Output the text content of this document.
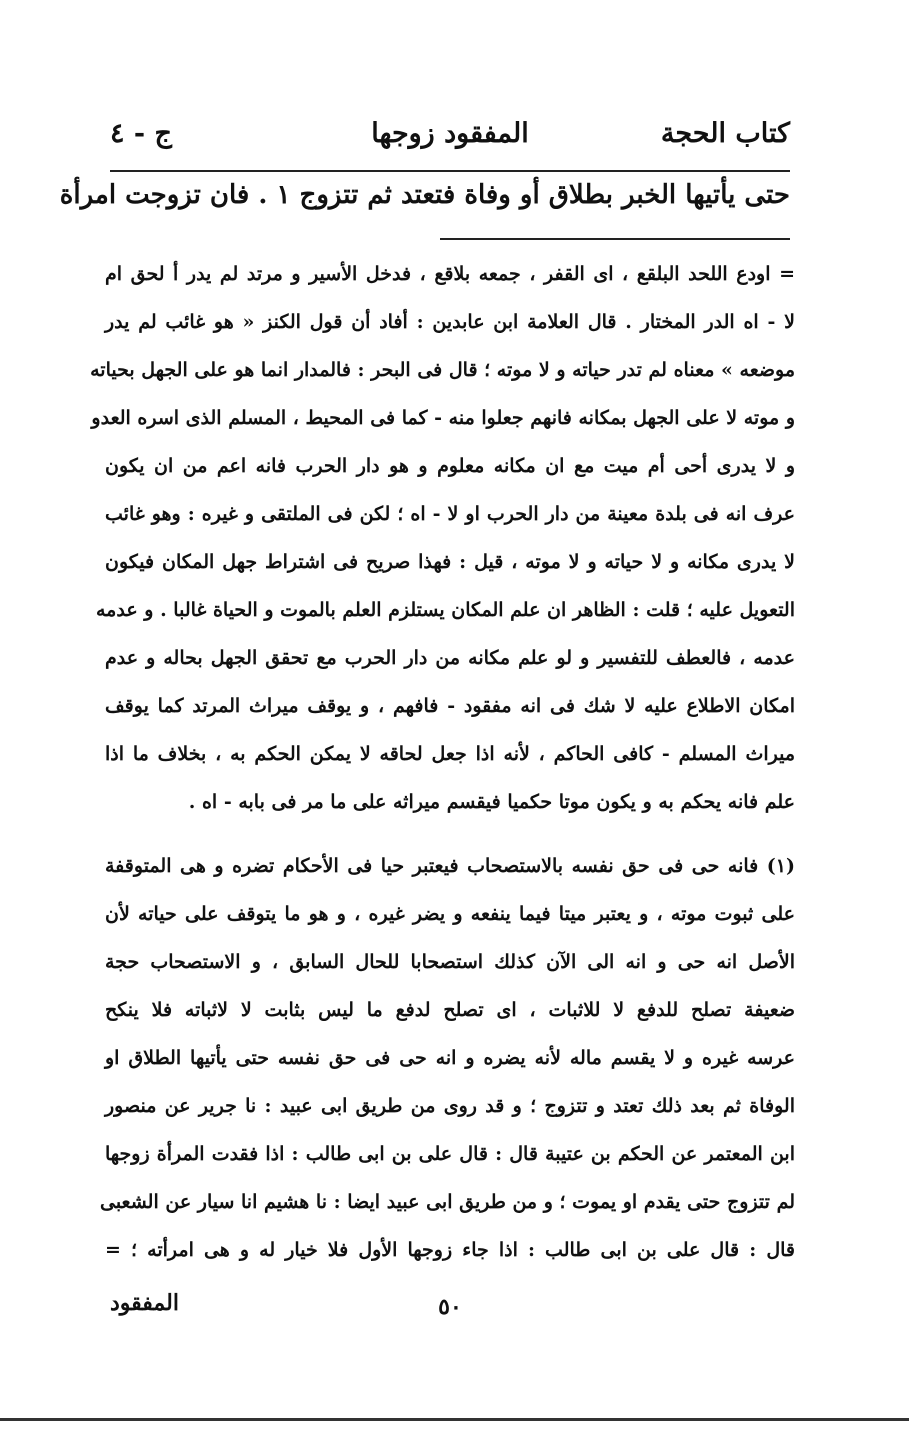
كتاب الحجة
المفقود زوجها
ج - ٤
حتى يأتيها الخبر بطلاق أو وفاة فتعتد ثم تتزوج ١ . فان تزوجت امرأة
= اودع اللحد البلقع ، اى القفر ، جمعه بلاقع ، فدخل الأسير و مرتد لم يدر أ لحق ام
لا - اه الدر المختار . قال العلامة ابن عابدين : أفاد أن قول الكنز « هو غائب لم يدر
موضعه » معناه لم تدر حياته و لا موته ؛ قال فى البحر : فالمدار انما هو على الجهل بحياته
و موته لا على الجهل بمكانه فانهم جعلوا منه - كما فى المحيط ، المسلم الذى اسره العدو
و لا يدرى أحى أم ميت مع ان مكانه معلوم و هو دار الحرب فانه اعم من ان يكون
عرف انه فى بلدة معينة من دار الحرب او لا - اه ؛ لكن فى الملتقى و غيره : وهو غائب
لا يدرى مكانه و لا حياته و لا موته ، قيل : فهذا صريح فى اشتراط جهل المكان فيكون
التعويل عليه ؛ قلت : الظاهر ان علم المكان يستلزم العلم بالموت و الحياة غالبا . و عدمه
عدمه ، فالعطف للتفسير و لو علم مكانه من دار الحرب مع تحقق الجهل بحاله و عدم
امكان الاطلاع عليه لا شك فى انه مفقود - فافهم ، و يوقف ميراث المرتد كما يوقف
ميراث المسلم - كافى الحاكم ، لأنه اذا جعل لحاقه لا يمكن الحكم به ، بخلاف ما اذا
علم فانه يحكم به و يكون موتا حكميا فيقسم ميراثه على ما مر فى بابه - اه .
(١) فانه حى فى حق نفسه بالاستصحاب فيعتبر حيا فى الأحكام تضره و هى المتوقفة
على ثبوت موته ، و يعتبر ميتا فيما ينفعه و يضر غيره ، و هو ما يتوقف على حياته لأن
الأصل انه حى و انه الى الآن كذلك استصحابا للحال السابق ، و الاستصحاب حجة
ضعيفة تصلح للدفع لا للاثبات ، اى تصلح لدفع ما ليس بثابت لا لاثباته فلا ينكح
عرسه غيره و لا يقسم ماله لأنه يضره و انه حى فى حق نفسه حتى يأتيها الطلاق او
الوفاة ثم بعد ذلك تعتد و تتزوج ؛ و قد روى من طريق ابى عبيد : نا جرير عن منصور
ابن المعتمر عن الحكم بن عتيبة قال : قال على بن ابى طالب : اذا فقدت المرأة زوجها
لم تتزوج حتى يقدم او يموت ؛ و من طريق ابى عبيد ايضا : نا هشيم انا سيار عن الشعبى
قال : قال على بن ابى طالب : اذا جاء زوجها الأول فلا خيار له و هى امرأته ؛ =
المفقود	٥٠
